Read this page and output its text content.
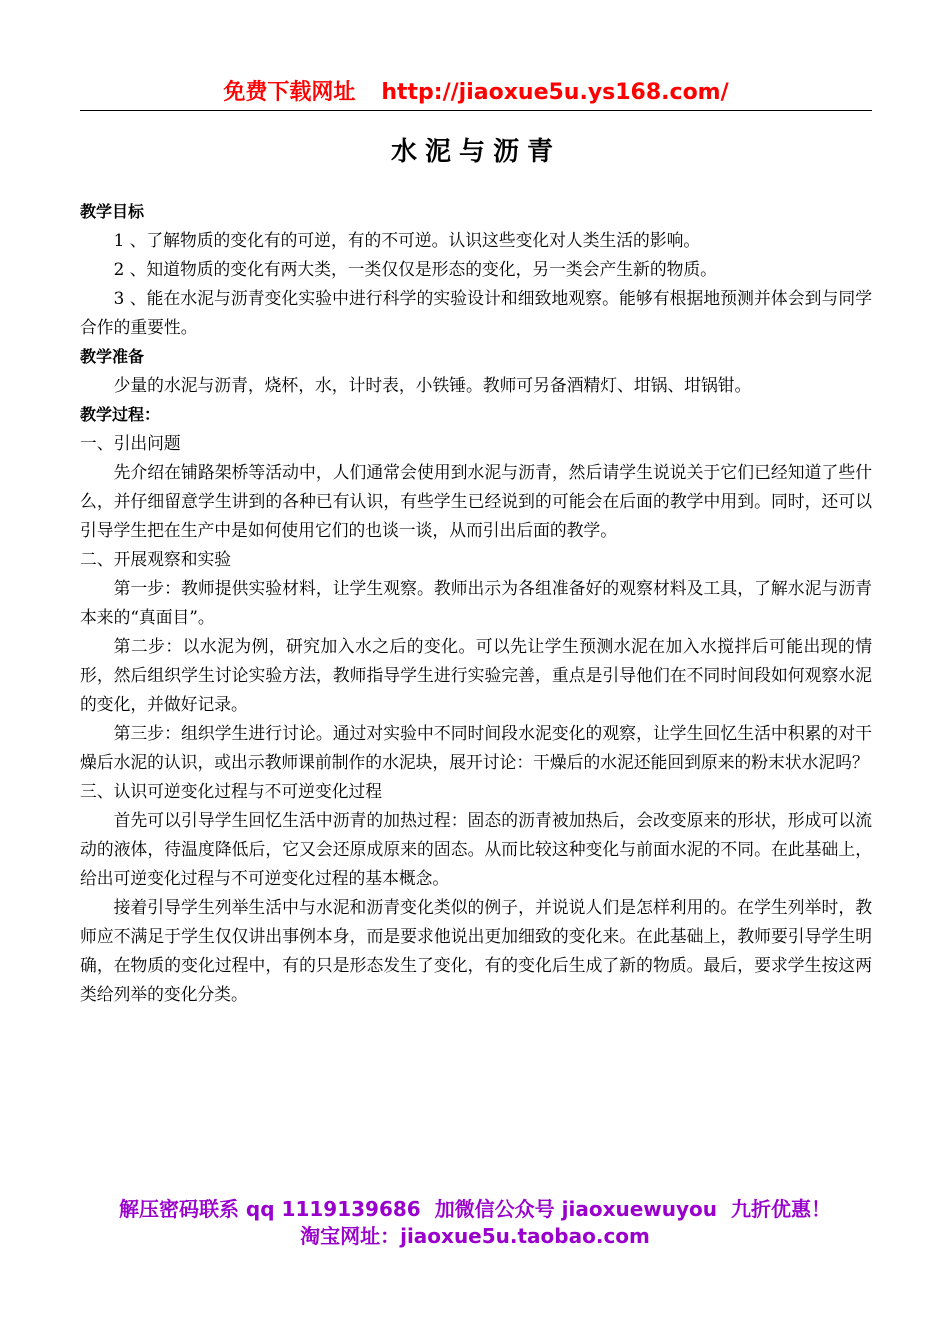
免费下载网址 http://jiaoxue5u.ys168.com/
水泥与沥青

教学目标

1 、了解物质的变化有的可逆，有的不可逆。认识这些变化对人类生活的影响。

2 、知道物质的变化有两大类，一类仅仅是形态的变化，另一类会产生新的物质。

3 、能在水泥与沥青变化实验中进行科学的实验设计和细致地观察。能够有根据地预测并体会到与同学合作的重要性。

教学准备

少量的水泥与沥青，烧杯，水，计时表，小铁锤。教师可另备酒精灯、坩锅、坩锅钳。

教学过程：

一、引出问题

先介绍在铺路架桥等活动中，人们通常会使用到水泥与沥青，然后请学生说说关于它们已经知道了些什么，并仔细留意学生讲到的各种已有认识，有些学生已经说到的可能会在后面的教学中用到。同时，还可以引导学生把在生产中是如何使用它们的也谈一谈，从而引出后面的教学。

二、开展观察和实验

第一步：教师提供实验材料，让学生观察。教师出示为各组准备好的观察材料及工具，了解水泥与沥青本来的“真面目”。

第二步：以水泥为例，研究加入水之后的变化。可以先让学生预测水泥在加入水搅拌后可能出现的情形，然后组织学生讨论实验方法，教师指导学生进行实验完善，重点是引导他们在不同时间段如何观察水泥的变化，并做好记录。

第三步：组织学生进行讨论。通过对实验中不同时间段水泥变化的观察，让学生回忆生活中积累的对干燥后水泥的认识，或出示教师课前制作的水泥块，展开讨论：干燥后的水泥还能回到原来的粉末状水泥吗？

三、认识可逆变化过程与不可逆变化过程

首先可以引导学生回忆生活中沥青的加热过程：固态的沥青被加热后，会改变原来的形状，形成可以流动的液体，待温度降低后，它又会还原成原来的固态。从而比较这种变化与前面水泥的不同。在此基础上，给出可逆变化过程与不可逆变化过程的基本概念。

接着引导学生列举生活中与水泥和沥青变化类似的例子，并说说人们是怎样利用的。在学生列举时，教师应不满足于学生仅仅讲出事例本身，而是要求他说出更加细致的变化来。在此基础上，教师要引导学生明确，在物质的变化过程中，有的只是形态发生了变化，有的变化后生成了新的物质。最后，要求学生按这两类给列举的变化分类。

解压密码联系 qq 1119139686 加微信公众号 jiaoxuewuyou 九折优惠！
淘宝网址：jiaoxue5u.taobao.com
